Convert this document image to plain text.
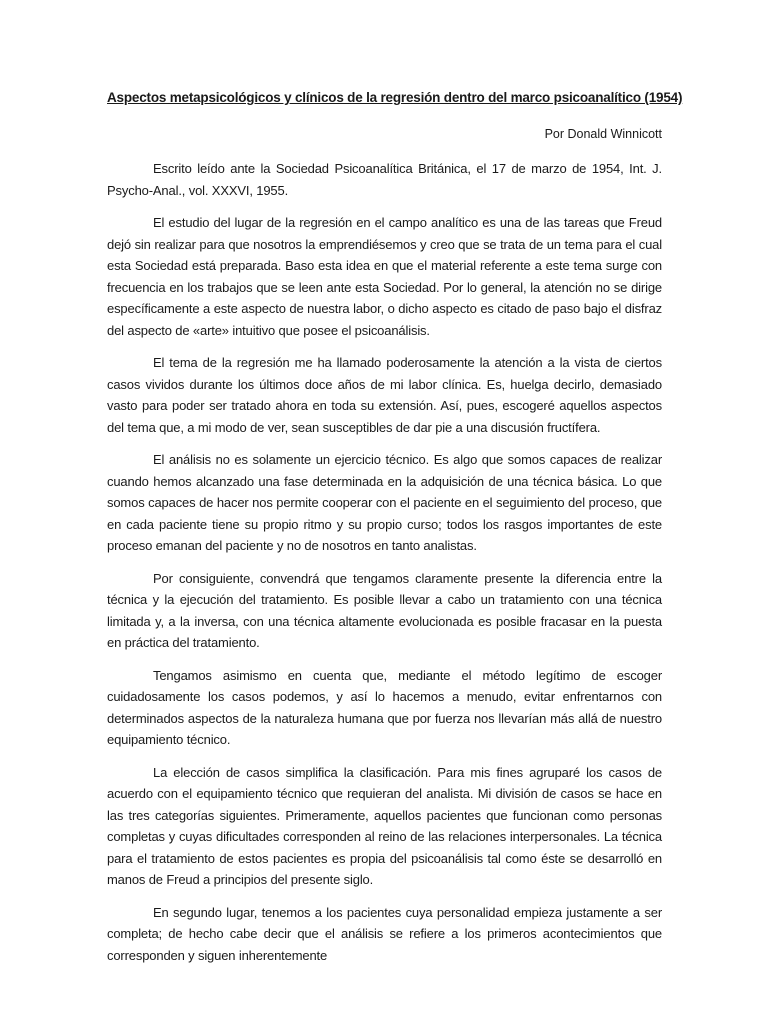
Aspectos metapsicológicos y clínicos de la regresión dentro del marco psicoanalítico (1954)

Por Donald Winnicott

Escrito leído ante la Sociedad Psicoanalítica Británica, el 17 de marzo de 1954, Int. J. Psycho-Anal., vol. XXXVI, 1955.

El estudio del lugar de la regresión en el campo analítico es una de las tareas que Freud dejó sin realizar para que nosotros la emprendiésemos y creo que se trata de un tema para el cual esta Sociedad está preparada. Baso esta idea en que el material referente a este tema surge con frecuencia en los trabajos que se leen ante esta Sociedad. Por lo general, la atención no se dirige específicamente a este aspecto de nuestra labor, o dicho aspecto es citado de paso bajo el disfraz del aspecto de «arte» intuitivo que posee el psicoanálisis.

El tema de la regresión me ha llamado poderosamente la atención a la vista de ciertos casos vividos durante los últimos doce años de mi labor clínica. Es, huelga decirlo, demasiado vasto para poder ser tratado ahora en toda su extensión. Así, pues, escogeré aquellos aspectos del tema que, a mi modo de ver, sean susceptibles de dar pie a una discusión fructífera.

El análisis no es solamente un ejercicio técnico. Es algo que somos capaces de realizar cuando hemos alcanzado una fase determinada en la adquisición de una técnica básica. Lo que somos capaces de hacer nos permite cooperar con el paciente en el seguimiento del proceso, que en cada paciente tiene su propio ritmo y su propio curso; todos los rasgos importantes de este proceso emanan del paciente y no de nosotros en tanto analistas.

Por consiguiente, convendrá que tengamos claramente presente la diferencia entre la técnica y la ejecución del tratamiento. Es posible llevar a cabo un tratamiento con una técnica limitada y, a la inversa, con una técnica altamente evolucionada es posible fracasar en la puesta en práctica del tratamiento.

Tengamos asimismo en cuenta que, mediante el método legítimo de escoger cuidadosamente los casos podemos, y así lo hacemos a menudo, evitar enfrentarnos con determinados aspectos de la naturaleza humana que por fuerza nos llevarían más allá de nuestro equipamiento técnico.

La elección de casos simplifica la clasificación. Para mis fines agruparé los casos de acuerdo con el equipamiento técnico que requieran del analista. Mi división de casos se hace en las tres categorías siguientes. Primeramente, aquellos pacientes que funcionan como personas completas y cuyas dificultades corresponden al reino de las relaciones interpersonales. La técnica para el tratamiento de estos pacientes es propia del psicoanálisis tal como éste se desarrolló en manos de Freud a principios del presente siglo.

En segundo lugar, tenemos a los pacientes cuya personalidad empieza justamente a ser completa; de hecho cabe decir que el análisis se refiere a los primeros acontecimientos que corresponden y siguen inherentemente
